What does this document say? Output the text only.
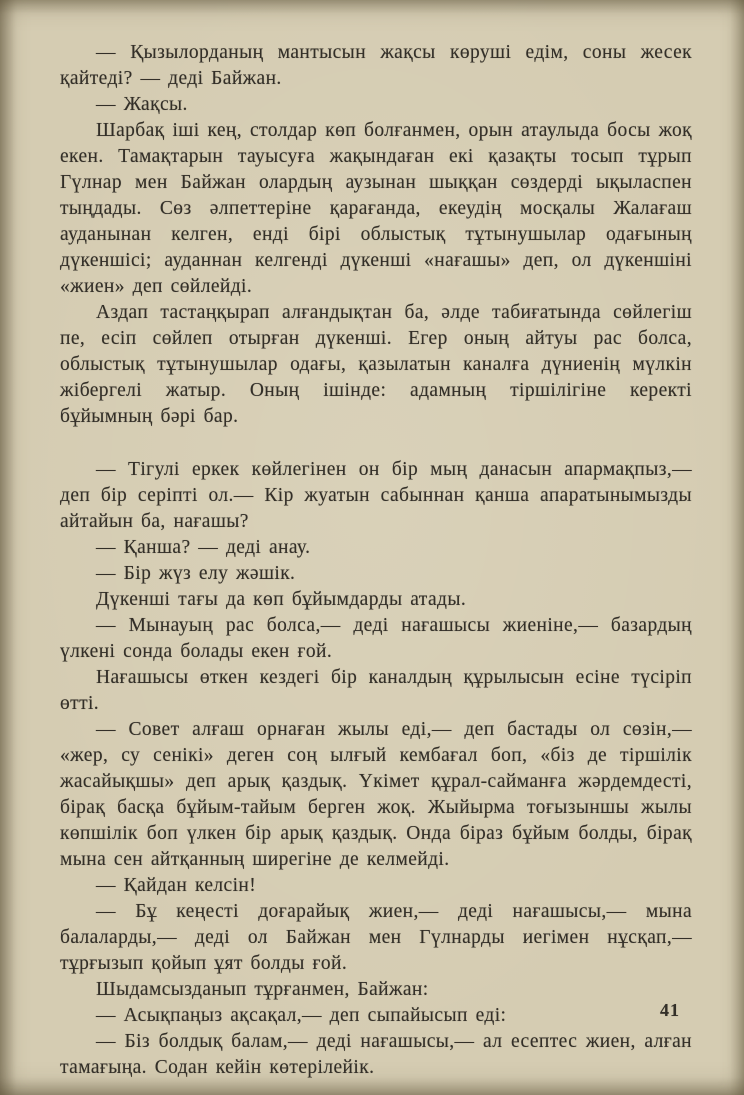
— Қызылорданың мантысын жақсы көруші едім, соны жесек қайтеді? — деді Байжан.

— Жақсы.

Шарбақ іші кең, столдар көп болғанмен, орын атаулыда босы жоқ екен. Тамақтарын тауысуға жақындаған екі қазақты тосып тұрып Гүлнар мен Байжан олардың аузынан шыққан сөздерді ықыласпен тыңдады. Сөз әлпеттеріне қарағанда, екеудің мосқалы Жалағаш ауданынан келген, енді бірі облыстық тұтынушылар одағының дүкеншісі; ауданнан келгенді дүкенші «нағашы» деп, ол дүкеншіні «жиен» деп сөйлейді.

Аздап тастаңқырап алғандықтан ба, әлде табиғатында сөйлегіш пе, есіп сөйлеп отырған дүкенші. Егер оның айтуы рас болса, облыстық тұтынушылар одағы, қазылатын каналға дүниенің мүлкін жібергелі жатыр. Оның ішінде: адамның тіршілігіне керекті бұйымның бәрі бар.

— Тігулі еркек көйлегінен он бір мың данасын апармақпыз,— деп бір серіпті ол.— Кір жуатын сабыннан қанша апаратынымызды айтайын ба, нағашы?

— Қанша? — деді анау.

— Бір жүз елу жәшік.

Дүкенші тағы да көп бұйымдарды атады.

— Мынауың рас болса,— деді нағашысы жиеніне,— базардың үлкені сонда болады екен ғой.

Нағашысы өткен кездегі бір каналдың құрылысын есіне түсіріп өтті.

— Совет алғаш орнаған жылы еді,— деп бастады ол сөзін,— «жер, су сенікі» деген соң ылғый кембағал боп, «біз де тіршілік жасайықшы» деп арық қаздық. Үкімет құрал-сайманға жәрдемдесті, бірақ басқа бұйым-тайым берген жоқ. Жыйырма тоғызыншы жылы көпшілік боп үлкен бір арық қаздық. Онда біраз бұйым болды, бірақ мына сен айтқанның ширегіне де келмейді.

— Қайдан келсін!

— Бұ кеңесті доғарайық жиен,— деді нағашысы,— мына балаларды,— деді ол Байжан мен Гүлнарды иегімен нұсқап,— тұрғызып қойып ұят болды ғой.

Шыдамсызданып тұрғанмен, Байжан:

— Асықпаңыз ақсақал,— деп сыпайысып еді:

— Біз болдық балам,— деді нағашысы,— ал есептес жиен, алған тамағыңа. Содан кейін көтерілейік.

41
